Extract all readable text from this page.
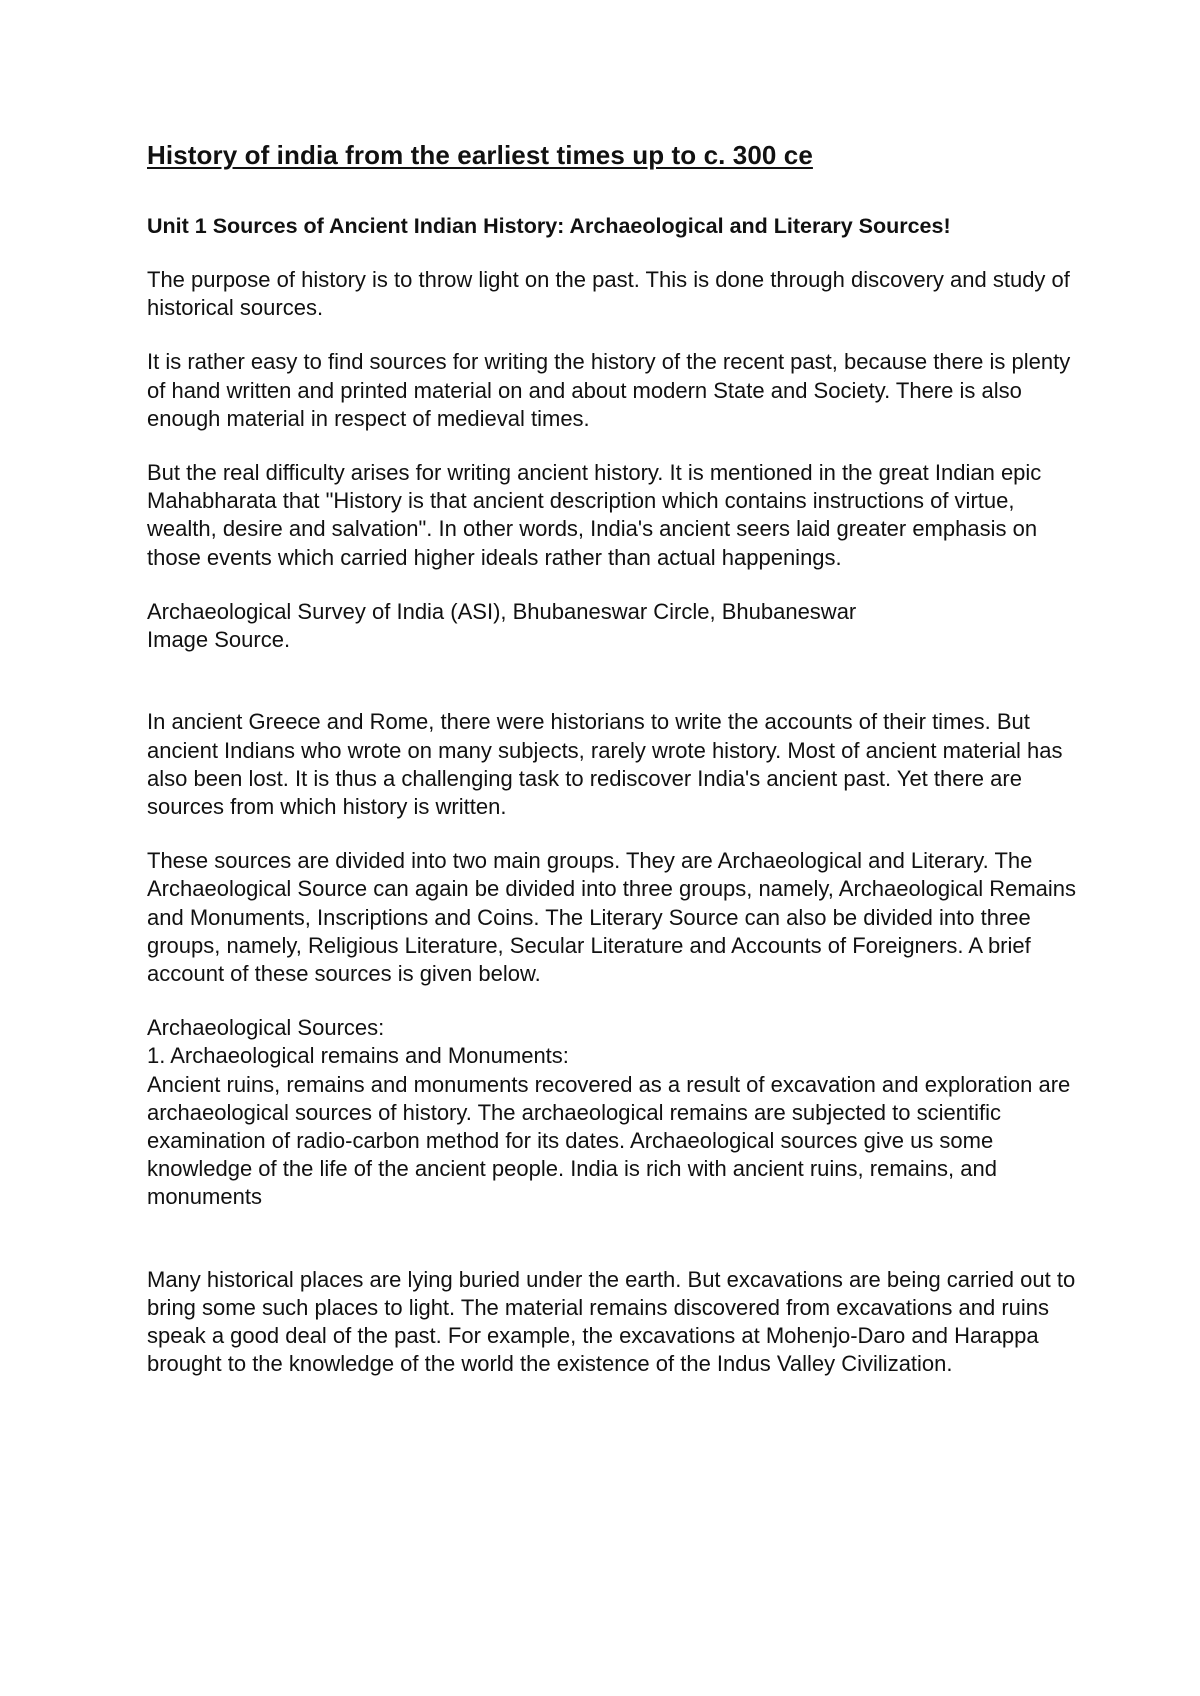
History of india from the earliest times up to c. 300 ce
Unit 1 Sources of Ancient Indian History: Archaeological and Literary Sources!

The purpose of history is to throw light on the past. This is done through discovery and study of historical sources.

It is rather easy to find sources for writing the history of the recent past, because there is plenty of hand written and printed material on and about modern State and Society. There is also enough material in respect of medieval times.

But the real difficulty arises for writing ancient history. It is mentioned in the great Indian epic Mahabharata that "History is that ancient description which contains instructions of virtue, wealth, desire and salvation". In other words, India's ancient seers laid greater emphasis on those events which carried higher ideals rather than actual happenings.

Archaeological Survey of India (ASI), Bhubaneswar Circle, Bhubaneswar

Image Source.

In ancient Greece and Rome, there were historians to write the accounts of their times. But ancient Indians who wrote on many subjects, rarely wrote history. Most of ancient material has also been lost. It is thus a challenging task to rediscover India's ancient past. Yet there are sources from which history is written.

These sources are divided into two main groups. They are Archaeological and Literary. The Archaeological Source can again be divided into three groups, namely, Archaeological Remains and Monuments, Inscriptions and Coins. The Literary Source can also be divided into three groups, namely, Religious Literature, Secular Literature and Accounts of Foreigners. A brief account of these sources is given below.

Archaeological Sources:

1. Archaeological remains and Monuments:

Ancient ruins, remains and monuments recovered as a result of excavation and exploration are archaeological sources of history. The archaeological remains are subjected to scientific examination of radio-carbon method for its dates. Archaeological sources give us some knowledge of the life of the ancient people. India is rich with ancient ruins, remains, and monuments

Many historical places are lying buried under the earth. But excavations are being carried out to bring some such places to light. The material remains discovered from excavations and ruins speak a good deal of the past. For example, the excavations at Mohenjo-Daro and Harappa brought to the knowledge of the world the existence of the Indus Valley Civilization.
